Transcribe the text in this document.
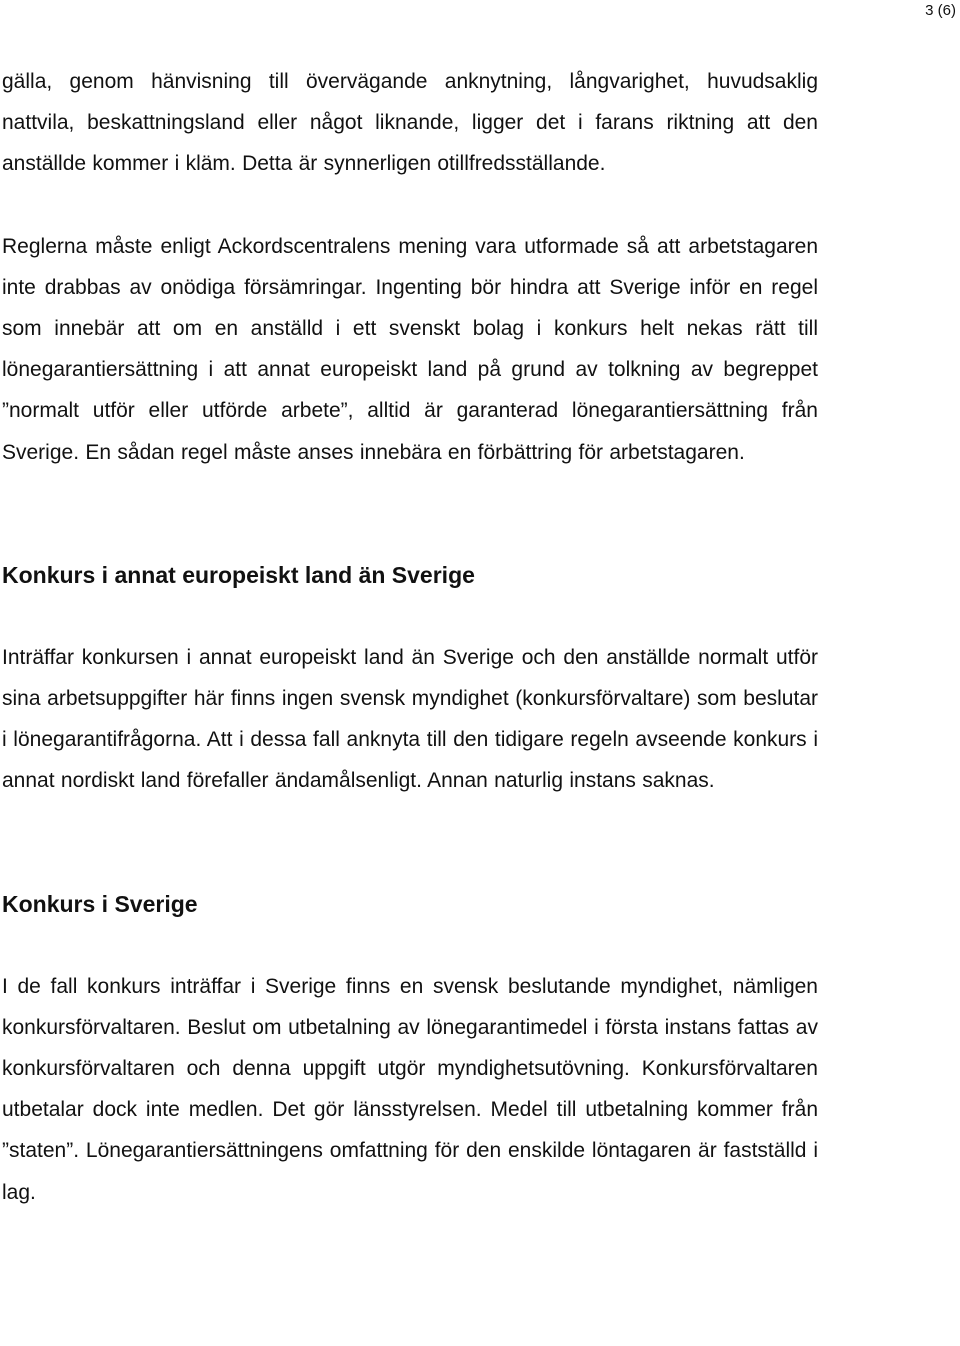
3 (6)

gälla, genom hänvisning till övervägande anknytning, långvarighet, huvudsaklig nattvila, beskattningsland eller något liknande, ligger det i farans riktning att den anställde kommer i kläm. Detta är synnerligen otillfredsställande.

Reglerna måste enligt Ackordscentralens mening vara utformade så att arbetstagaren inte drabbas av onödiga försämringar. Ingenting bör hindra att Sverige inför en regel som innebär att om en anställd i ett svenskt bolag i konkurs helt nekas rätt till lönegarantiersättning i att annat europeiskt land på grund av tolkning av begreppet ”normalt utför eller utförde arbete”, alltid är garanterad lönegarantiersättning från Sverige. En sådan regel måste anses innebära en förbättring för arbetstagaren.

Konkurs i annat europeiskt land än Sverige

Inträffar konkursen i annat europeiskt land än Sverige och den anställde normalt utför sina arbetsuppgifter här finns ingen svensk myndighet (konkursförvaltare) som beslutar i lönegarantifrågorna. Att i dessa fall anknyta till den tidigare regeln avseende konkurs i annat nordiskt land förefaller ändamålsenligt. Annan naturlig instans saknas.

Konkurs i Sverige

I de fall konkurs inträffar i Sverige finns en svensk beslutande myndighet, nämligen konkursförvaltaren. Beslut om utbetalning av lönegarantimedel i första instans fattas av konkursförvaltaren och denna uppgift utgör myndighetsutövning. Konkursförvaltaren utbetalar dock inte medlen. Det gör länsstyrelsen. Medel till utbetalning kommer från ”staten”. Lönegarantiersättningens omfattning för den enskilde löntagaren är fastställd i lag.
